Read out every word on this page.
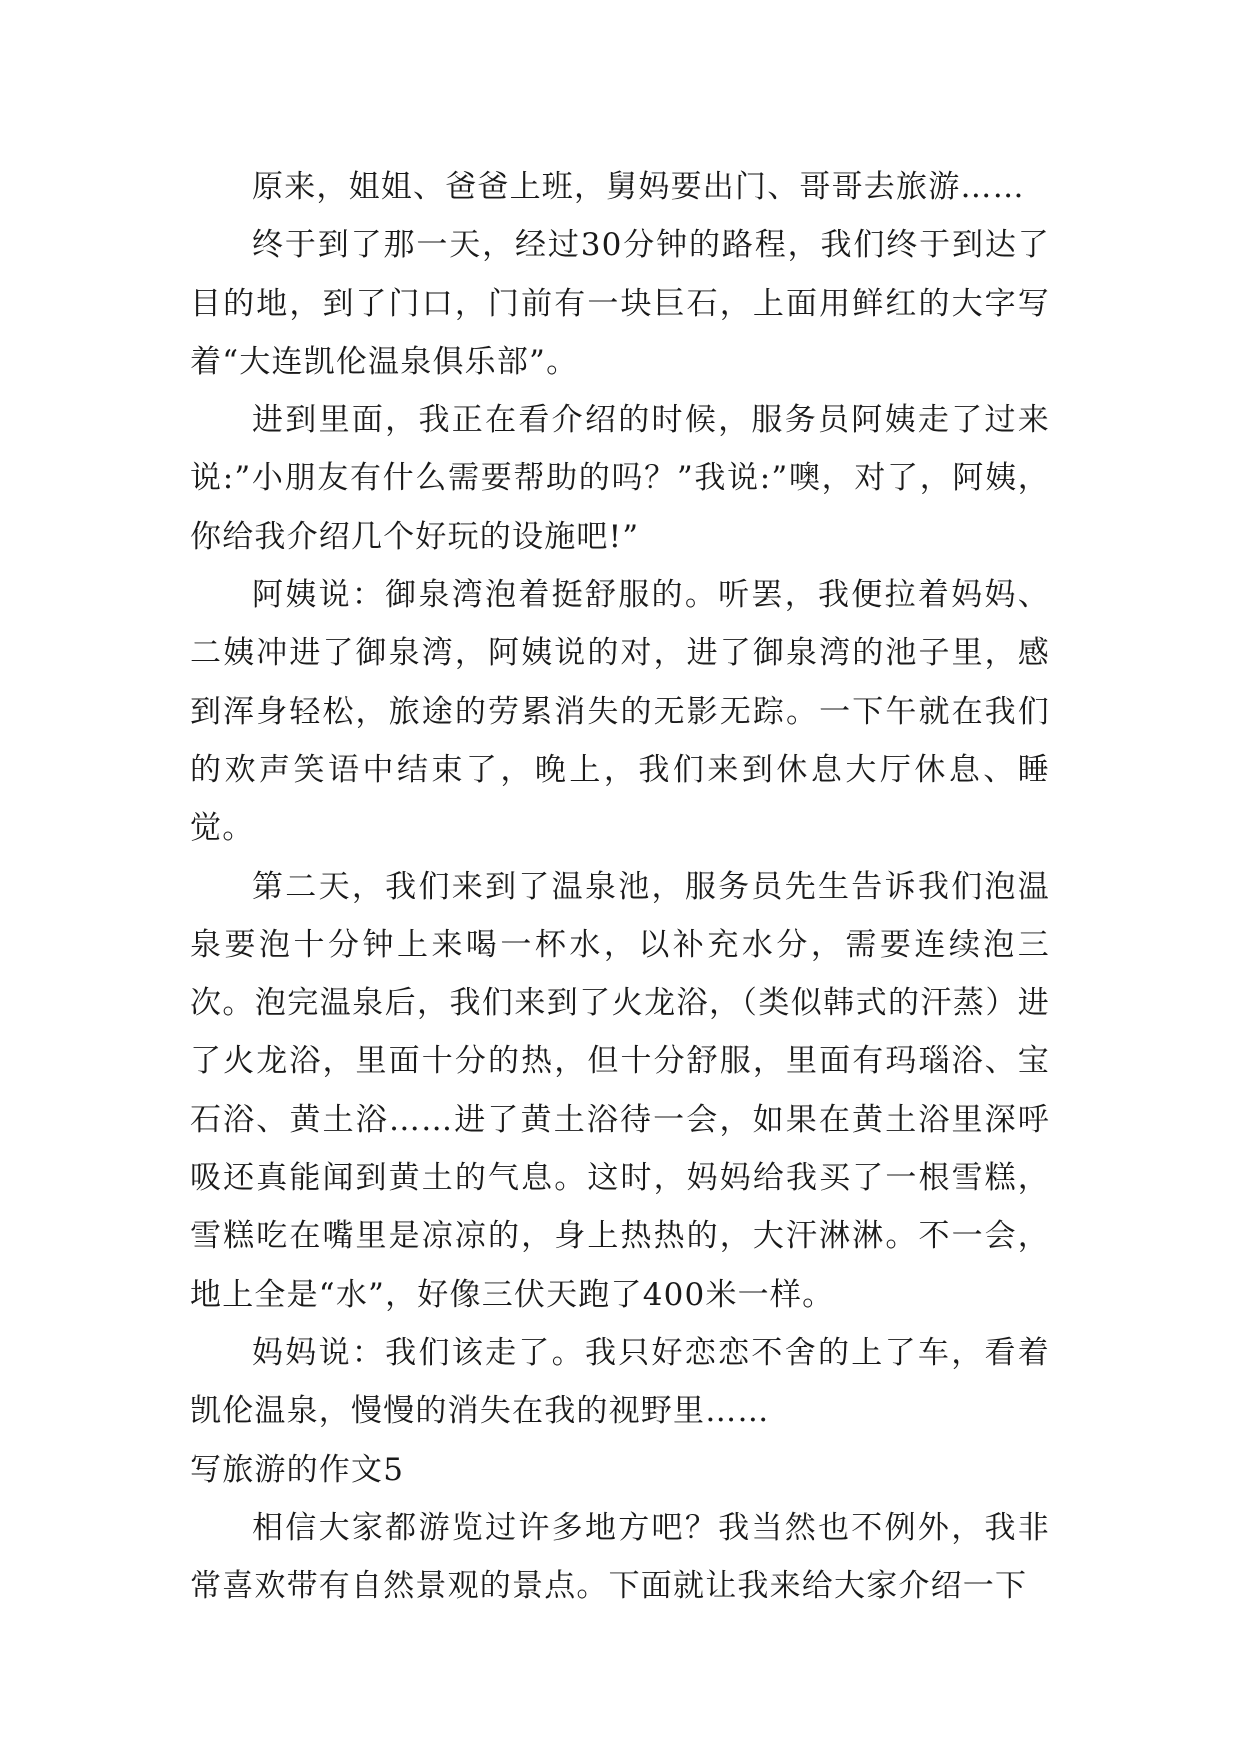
原来，姐姐、爸爸上班，舅妈要出门、哥哥去旅游……

终于到了那一天，经过30分钟的路程，我们终于到达了目的地，到了门口，门前有一块巨石，上面用鲜红的大字写着“大连凯伦温泉俱乐部”。

进到里面，我正在看介绍的时候，服务员阿姨走了过来说:”小朋友有什么需要帮助的吗？”我说:”噢，对了，阿姨，你给我介绍几个好玩的设施吧!”

阿姨说：御泉湾泡着挺舒服的。听罢，我便拉着妈妈、二姨冲进了御泉湾，阿姨说的对，进了御泉湾的池子里，感到浑身轻松，旅途的劳累消失的无影无踪。一下午就在我们的欢声笑语中结束了，晚上，我们来到休息大厅休息、睡觉。

第二天，我们来到了温泉池，服务员先生告诉我们泡温泉要泡十分钟上来喝一杯水，以补充水分，需要连续泡三次。泡完温泉后，我们来到了火龙浴，（类似韩式的汗蒸）进了火龙浴，里面十分的热，但十分舒服，里面有玛瑙浴、宝石浴、黄土浴……进了黄土浴待一会，如果在黄土浴里深呼吸还真能闻到黄土的气息。这时，妈妈给我买了一根雪糕，雪糕吃在嘴里是凉凉的，身上热热的，大汗淋淋。不一会，地上全是“水”，好像三伏天跑了400米一样。

妈妈说：我们该走了。我只好恋恋不舍的上了车，看着凯伦温泉，慢慢的消失在我的视野里……

写旅游的作文5

相信大家都游览过许多地方吧？我当然也不例外，我非常喜欢带有自然景观的景点。下面就让我来给大家介绍一下
